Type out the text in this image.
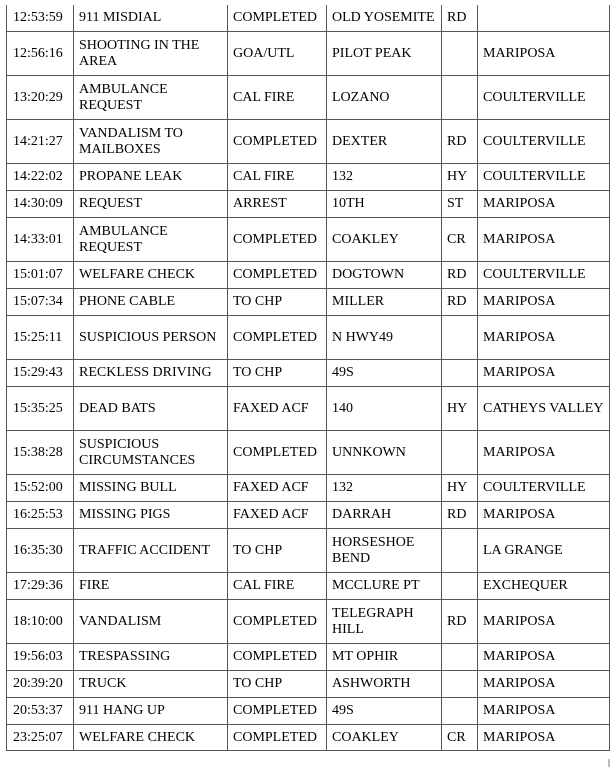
12:53:59	911 MISDIAL	COMPLETED	OLD YOSEMITE	RD	
12:56:16	SHOOTING IN THE AREA	GOA/UTL	PILOT PEAK		MARIPOSA
13:20:29	AMBULANCE REQUEST	CAL FIRE	LOZANO		COULTERVILLE
14:21:27	VANDALISM TO MAILBOXES	COMPLETED	DEXTER	RD	COULTERVILLE
14:22:02	PROPANE LEAK	CAL FIRE	132	HY	COULTERVILLE
14:30:09	REQUEST	ARREST	10TH	ST	MARIPOSA
14:33:01	AMBULANCE REQUEST	COMPLETED	COAKLEY	CR	MARIPOSA
15:01:07	WELFARE CHECK	COMPLETED	DOGTOWN	RD	COULTERVILLE
15:07:34	PHONE CABLE	TO CHP	MILLER	RD	MARIPOSA
15:25:11	SUSPICIOUS PERSON	COMPLETED	N HWY49		MARIPOSA
15:29:43	RECKLESS DRIVING	TO CHP	49S		MARIPOSA
15:35:25	DEAD BATS	FAXED ACF	140	HY	CATHEYS VALLEY
15:38:28	SUSPICIOUS CIRCUMSTANCES	COMPLETED	UNNKOWN		MARIPOSA
15:52:00	MISSING BULL	FAXED ACF	132	HY	COULTERVILLE
16:25:53	MISSING PIGS	FAXED ACF	DARRAH	RD	MARIPOSA
16:35:30	TRAFFIC ACCIDENT	TO CHP	HORSESHOE BEND		LA GRANGE
17:29:36	FIRE	CAL FIRE	MCCLURE PT		EXCHEQUER
18:10:00	VANDALISM	COMPLETED	TELEGRAPH HILL	RD	MARIPOSA
19:56:03	TRESPASSING	COMPLETED	MT OPHIR		MARIPOSA
20:39:20	TRUCK	TO CHP	ASHWORTH		MARIPOSA
20:53:37	911 HANG UP	COMPLETED	49S		MARIPOSA
23:25:07	WELFARE CHECK	COMPLETED	COAKLEY	CR	MARIPOSA
